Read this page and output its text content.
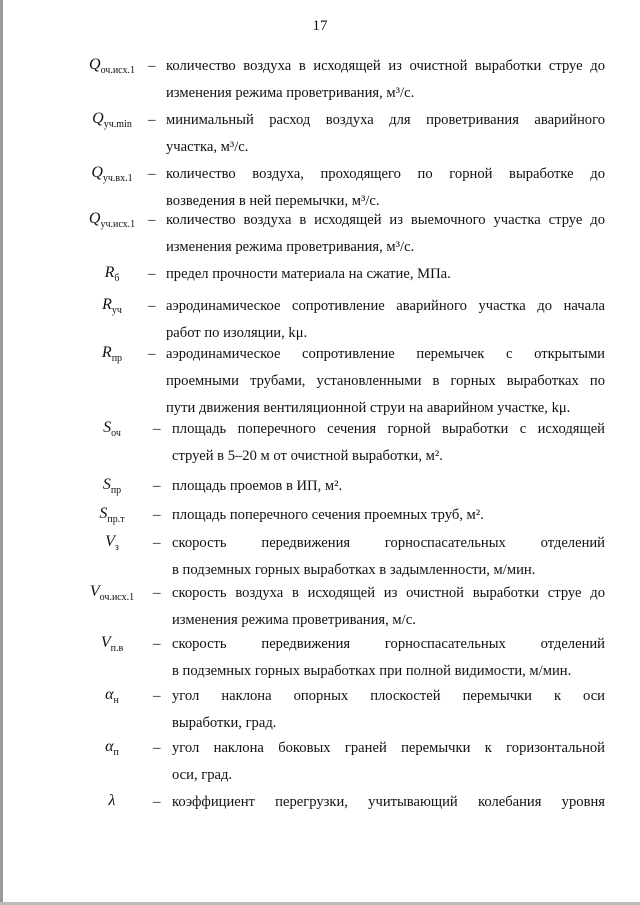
17
$Q_{оч.исх.1}$ – количество воздуха в исходящей из очистной выработки струе до
изменения режима проветривания, м³/с.
$Q_{уч.min}$	– минимальный расход воздуха для проветривания аварийного
участка, м³/с.
$Q_{уч.вх.1}$	– количество воздуха, проходящего по горной выработке до
возведения в ней перемычки, м³/с.
$Q_{уч.исх.1}$ – количество воздуха в исходящей из выемочного участка струе до
изменения режима проветривания, м³/с.
$R_б$	– предел прочности материала на сжатие, МПа.
$R_{уч}$	– аэродинамическое сопротивление аварийного участка до начала
работ по изоляции, kμ.
$R_{пр}$	– аэродинамическое сопротивление перемычек с открытыми
проемными трубами, установленными в горных выработках по
пути движения вентиляционной струи на аварийном участке, kμ.
$S_{оч}$	– площадь поперечного сечения горной выработки с исходящей
струей в 5–20 м от очистной выработки, м².
$S_{пр}$	– площадь проемов в ИП, м².
$S_{пр.т}$	– площадь поперечного сечения проемных труб, м².
$V_з$	– скорость передвижения горноспасательных отделений
в подземных горных выработках в задымленности, м/мин.
$V_{оч.исх.1}$	– скорость воздуха в исходящей из очистной выработки струе до
изменения режима проветривания, м/с.
$V_{п.в}$	– скорость передвижения горноспасательных отделений
в подземных горных выработках при полной видимости, м/мин.
$\alpha_н$	– угол наклона опорных плоскостей перемычки к оси
выработки, град.
$\alpha_п$	– угол наклона боковых граней перемычки к горизонтальной
оси, град.
λ	– коэффициент перегрузки, учитывающий колебания уровня
